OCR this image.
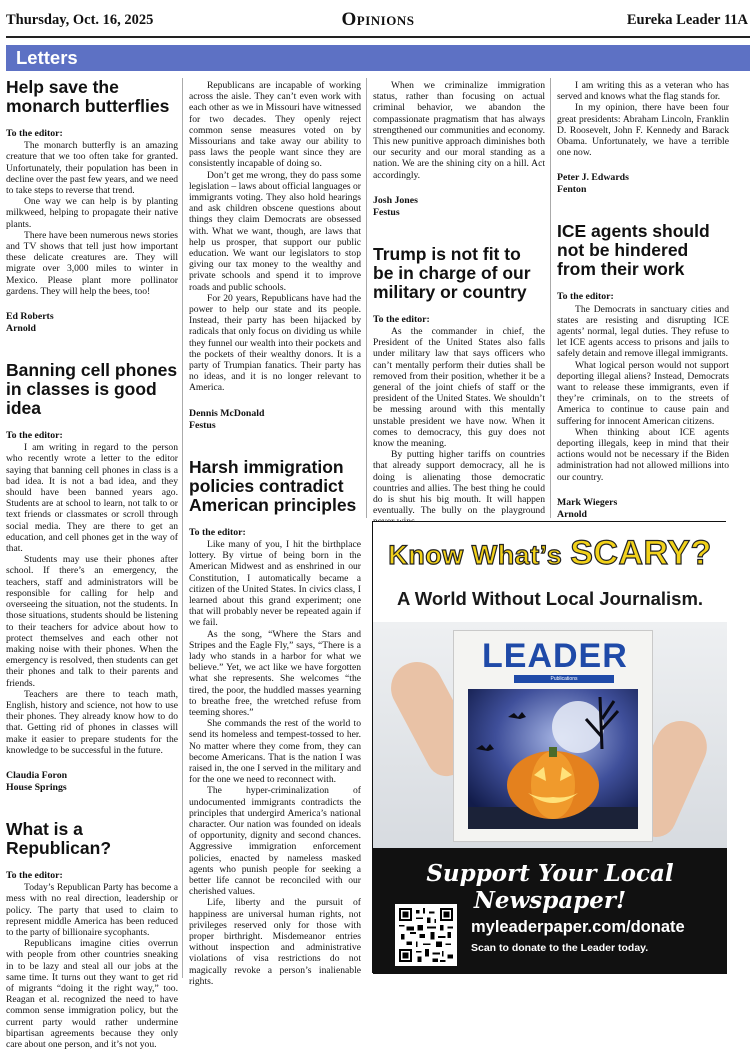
Thursday, Oct. 16, 2025	Opinions	Eureka Leader 11A
Letters
Help save the monarch butterflies
To the editor:

The monarch butterfly is an amazing creature that we too often take for granted. Unfortunately, their population has been in decline over the past few years, and we need to take steps to reverse that trend.

One way we can help is by planting milkweed, helping to propagate their native plants.

There have been numerous news stories and TV shows that tell just how important these delicate creatures are. They will migrate over 3,000 miles to winter in Mexico. Please plant more pollinator gardens. They will help the bees, too!

Ed Roberts
Arnold
Banning cell phones in classes is good idea
To the editor:

I am writing in regard to the person who recently wrote a letter to the editor saying that banning cell phones in class is a bad idea. It is not a bad idea, and they should have been banned years ago. Students are at school to learn, not talk to or text friends or classmates or scroll through social media. They are there to get an education, and cell phones get in the way of that.

Students may use their phones after school. If there’s an emergency, the teachers, staff and administrators will be responsible for calling for help and overseeing the situation, not the students. In those situations, students should be listening to their teachers for advice about how to protect themselves and each other not making noise with their phones. When the emergency is resolved, then students can get their phones and talk to their parents and friends.

Teachers are there to teach math, English, history and science, not how to use their phones. They already know how to do that. Getting rid of phones in classes will make it easier to prepare students for the knowledge to be successful in the future.

Claudia Foron
House Springs
What is a Republican?
To the editor:

Today’s Republican Party has become a mess with no real direction, leadership or policy. The party that used to claim to represent middle America has been reduced to the party of billionaire sycophants.

Republicans imagine cities overrun with people from other countries sneaking in to be lazy and steal all our jobs at the same time. It turns out they want to get rid of migrants “doing it the right way,” too. Reagan et al. recognized the need to have common sense immigration policy, but the current party would rather undermine bipartisan agreements because they only care about one person, and it’s not you.

Republicans are incapable of working across the aisle. They can’t even work with each other as we in Missouri have witnessed for two decades. They openly reject common sense measures voted on by Missourians and take away our ability to pass laws the people want since they are consistently incapable of doing so.

Don’t get me wrong, they do pass some legislation – laws about official languages or immigrants voting. They also hold hearings and ask children obscene questions about things they claim Democrats are obsessed with. What we want, though, are laws that help us prosper, that support our public education. We want our legislators to stop giving our tax money to the wealthy and private schools and spend it to improve roads and public schools.

For 20 years, Republicans have had the power to help our state and its people. Instead, their party has been hijacked by radicals that only focus on dividing us while they funnel our wealth into their pockets and the pockets of their wealthy donors. It is a party of Trumpian fanatics. Their party has no ideas, and it is no longer relevant to America.

Dennis McDonald
Festus
Harsh immigration policies contradict American principles
To the editor:

Like many of you, I hit the birthplace lottery. By virtue of being born in the American Midwest and as enshrined in our Constitution, I automatically became a citizen of the United States. In civics class, I learned about this grand experiment; one that will probably never be repeated again if we fail.

As the song, “Where the Stars and Stripes and the Eagle Fly,” says, “There is a lady who stands in a harbor for what we believe.” Yet, we act like we have forgotten what she represents. She welcomes “the tired, the poor, the huddled masses yearning to breathe free, the wretched refuse from teeming shores.”

She commands the rest of the world to send its homeless and tempest-tossed to her. No matter where they come from, they can become Americans. That is the nation I was raised in, the one I served in the military and for the one we need to reconnect with.

The hyper-criminalization of undocumented immigrants contradicts the principles that undergird America’s national character. Our nation was founded on ideals of opportunity, dignity and second chances. Aggressive immigration enforcement policies, enacted by nameless masked agents who punish people for seeking a better life cannot be reconciled with our cherished values.

Life, liberty and the pursuit of happiness are universal human rights, not privileges reserved only for those with proper birthright. Misdemeanor entries without inspection and administrative violations of visa restrictions do not magically revoke a person’s inalienable rights.

When we criminalize immigration status, rather than focusing on actual criminal behavior, we abandon the compassionate pragmatism that has always strengthened our communities and economy. This new punitive approach diminishes both our security and our moral standing as a nation. We are the shining city on a hill. Act accordingly.

Josh Jones
Festus
Trump is not fit to be in charge of our military or country
To the editor:

As the commander in chief, the President of the United States also falls under military law that says officers who can’t mentally perform their duties shall be removed from their position, whether it be a general of the joint chiefs of staff or the president of the United States. We shouldn’t be messing around with this mentally unstable president we have now. When it comes to democracy, this guy does not know the meaning.

By putting higher tariffs on countries that already support democracy, all he is doing is alienating those democratic countries and allies. The best thing he could do is shut his big mouth. It will happen eventually. The bully on the playground

I am writing this as a veteran who has served and knows what the flag stands for.

In my opinion, there have been four great presidents: Abraham Lincoln, Franklin D. Roosevelt, John F. Kennedy and Barack Obama. Unfortunately, we have a terrible one now.

Peter J. Edwards
Fenton
ICE agents should not be hindered from their work
To the editor:

The Democrats in sanctuary cities and states are resisting and disrupting ICE agents’ normal, legal duties. They refuse to let ICE agents access to prisons and jails to safely detain and remove illegal immigrants.

What logical person would not support deporting illegal aliens? Instead, Democrats want to release these immigrants, even if they’re criminals, on to the streets of America to continue to cause pain and suffering for innocent American citizens.

When thinking about ICE agents deporting illegals, keep in mind that their actions would not be necessary if the Biden administration had not allowed millions into our country.

Mark Wiegers
Arnold
Know What’s SCARY?
A World Without Local Journalism.
LEADER
Publications
Support Your Local Newspaper!
myleaderpaper.com/donate
Scan to donate to the Leader today.
